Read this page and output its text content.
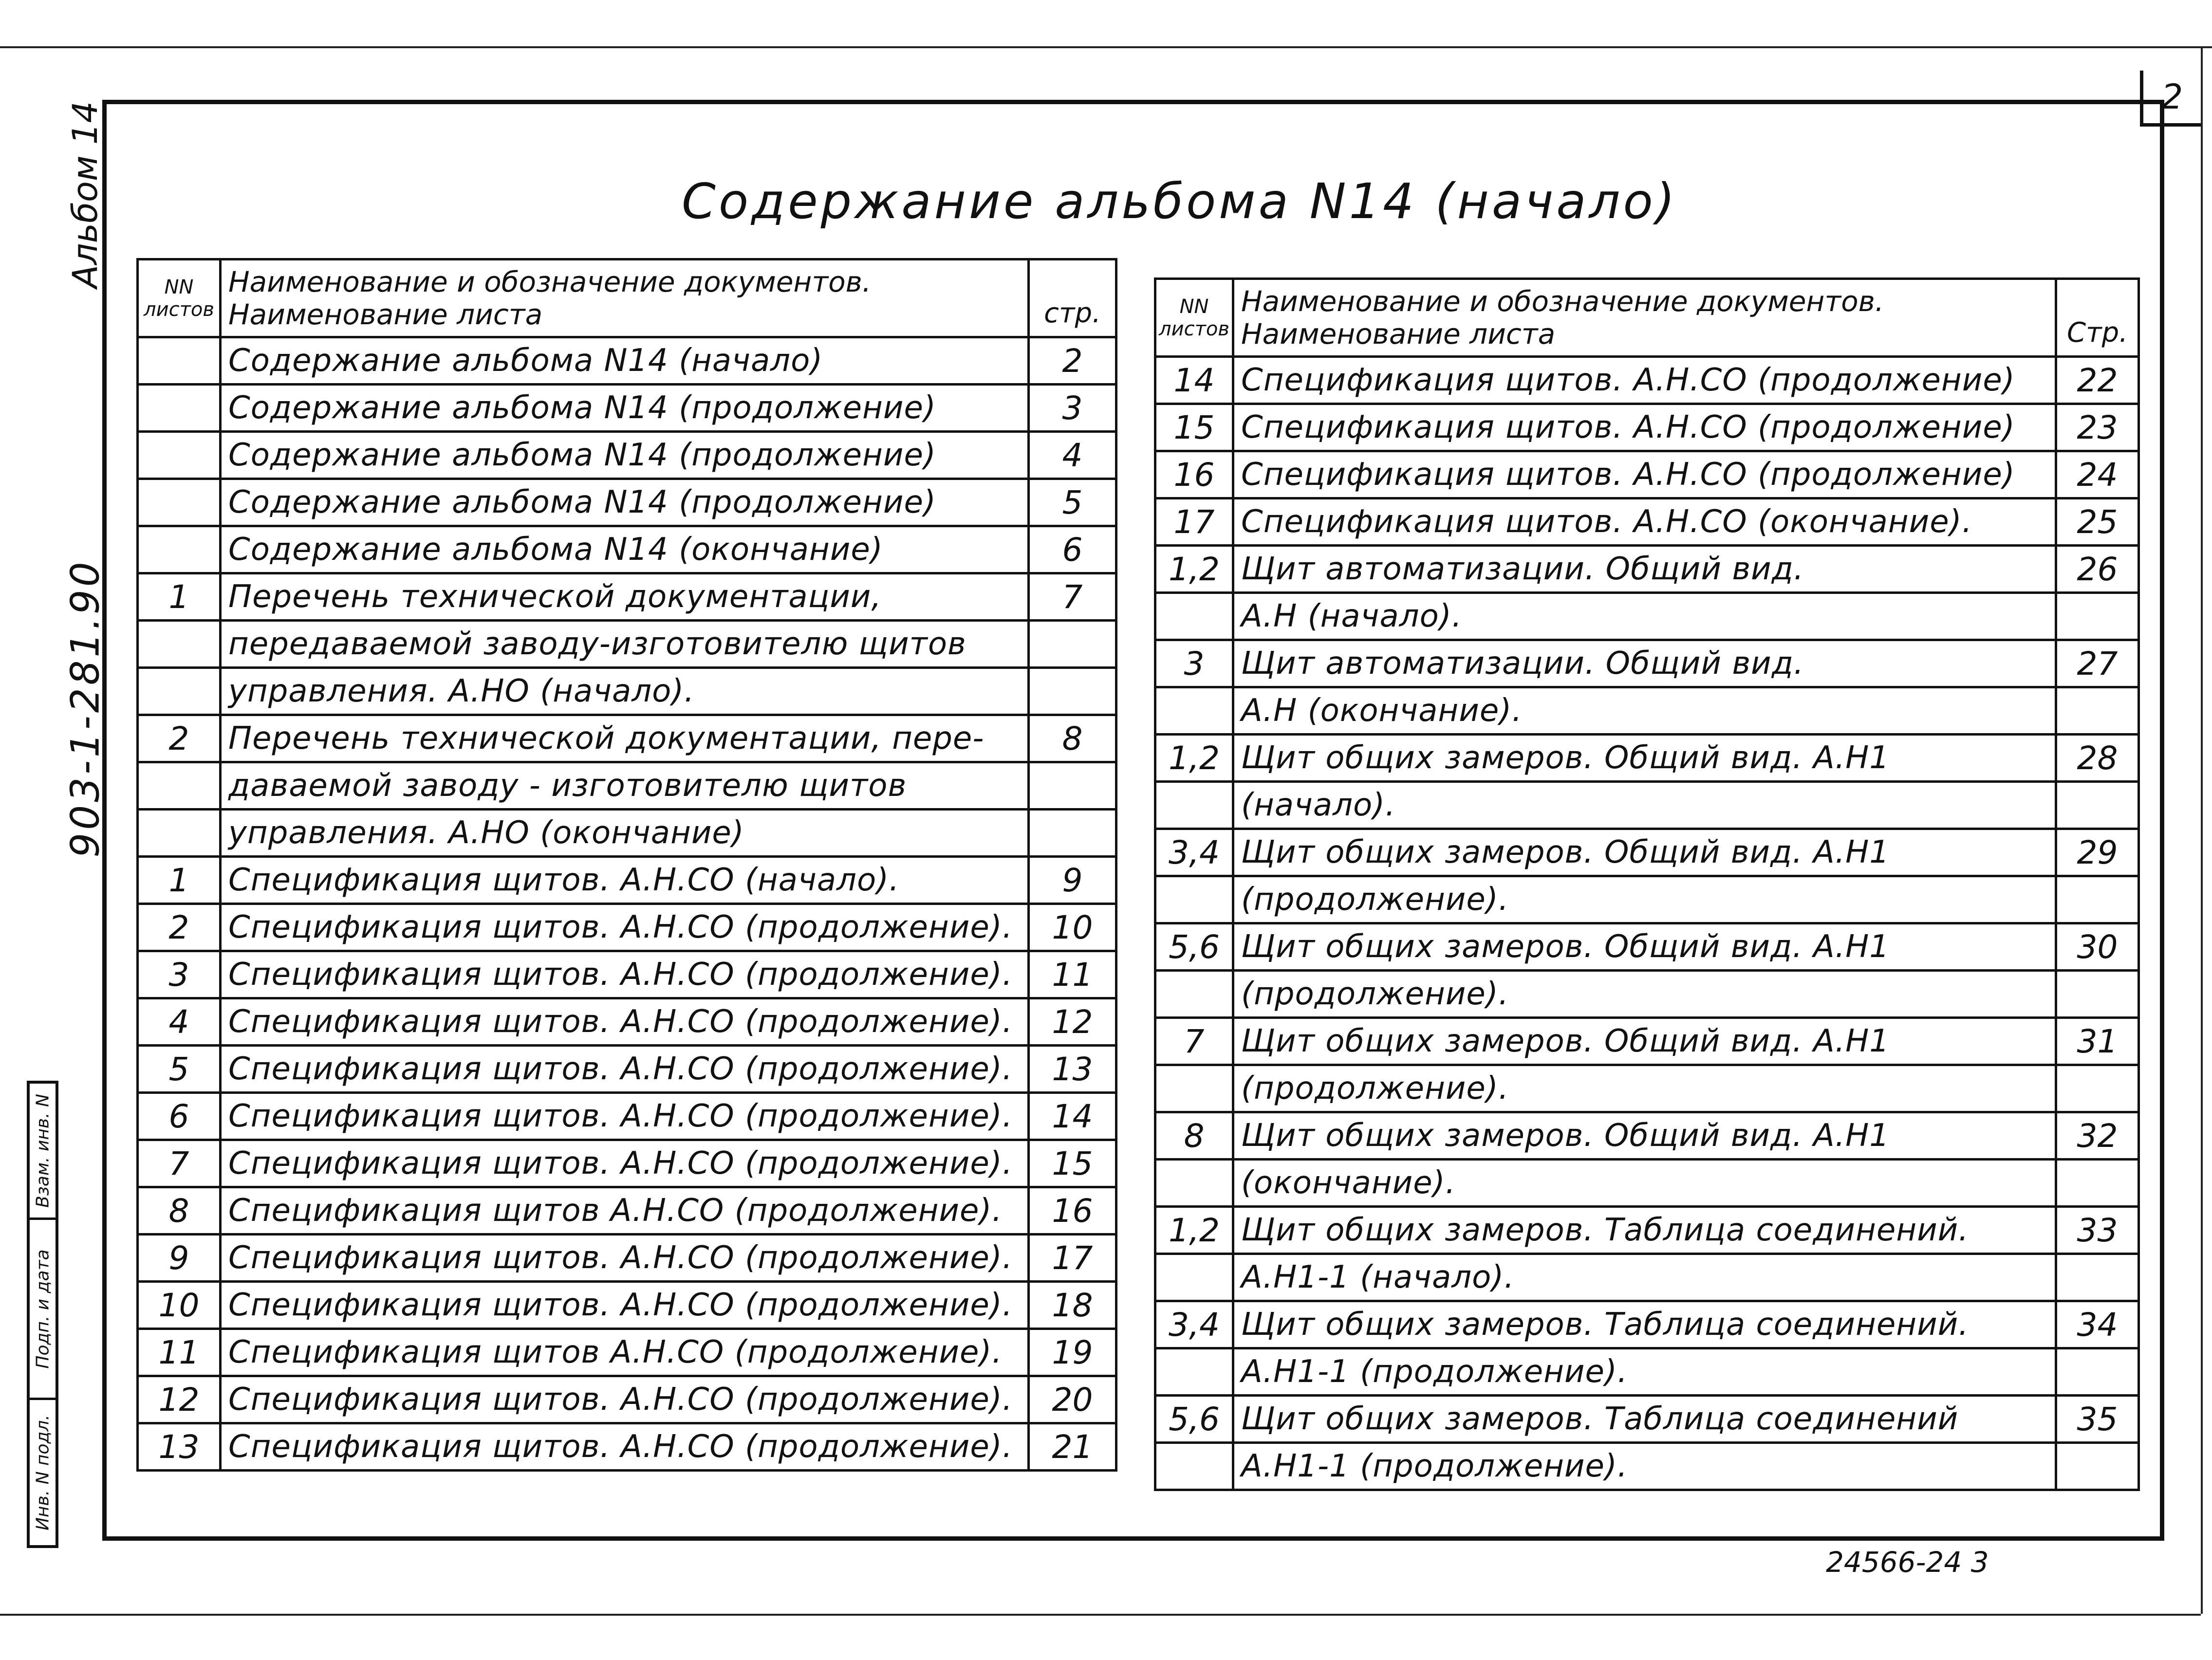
2
Содержание альбома N14 (начало)
Альбом 14
903-1-281.90
Взам. инв. N
Подп. и дата
Инв. N подл.
NN листов	Наименование и обозначение документов.
Наименование листа	стр.
	Содержание альбома N14 (начало)	2
	Содержание альбома N14 (продолжение)	3
	Содержание альбома N14 (продолжение)	4
	Содержание альбома N14 (продолжение)	5
	Содержание альбома N14 (окончание)	6
1	Перечень технической документации,	7
	передаваемой заводу-изготовителю щитов	
	управления. А.НО (начало).	
2	Перечень технической документации, пере-	8
	даваемой заводу - изготовителю щитов	
	управления. А.НО (окончание)	
1	Спецификация щитов. А.Н.СО (начало).	9
2	Спецификация щитов. А.Н.СО (продолжение).	10
3	Спецификация щитов. А.Н.СО (продолжение).	11
4	Спецификация щитов. А.Н.СО (продолжение).	12
5	Спецификация щитов. А.Н.СО (продолжение).	13
6	Спецификация щитов. А.Н.СО (продолжение).	14
7	Спецификация щитов. А.Н.СО (продолжение).	15
8	Спецификация щитов А.Н.СО (продолжение).	16
9	Спецификация щитов. А.Н.СО (продолжение).	17
10	Спецификация щитов. А.Н.СО (продолжение).	18
11	Спецификация щитов А.Н.СО (продолжение).	19
12	Спецификация щитов. А.Н.СО (продолжение).	20
13	Спецификация щитов. А.Н.СО (продолжение).	21
NN листов	Наименование и обозначение документов.
Наименование листа	Стр.
14	Спецификация щитов. А.Н.СО (продолжение)	22
15	Спецификация щитов. А.Н.СО (продолжение)	23
16	Спецификация щитов. А.Н.СО (продолжение)	24
17	Спецификация щитов. А.Н.СО (окончание).	25
1,2	Щит автоматизации. Общий вид.	26
	А.Н (начало).	
3	Щит автоматизации. Общий вид.	27
	А.Н (окончание).	
1,2	Щит общих замеров. Общий вид. А.Н1	28
	(начало).	
3,4	Щит общих замеров. Общий вид. А.Н1	29
	(продолжение).	
5,6	Щит общих замеров. Общий вид. А.Н1	30
	(продолжение).	
7	Щит общих замеров. Общий вид. А.Н1	31
	(продолжение).	
8	Щит общих замеров. Общий вид. А.Н1	32
	(окончание).	
1,2	Щит общих замеров. Таблица соединений.	33
	А.Н1-1 (начало).	
3,4	Щит общих замеров. Таблица соединений.	34
	А.Н1-1 (продолжение).	
5,6	Щит общих замеров. Таблица соединений	35
	А.Н1-1 (продолжение).	
24566-24 3
